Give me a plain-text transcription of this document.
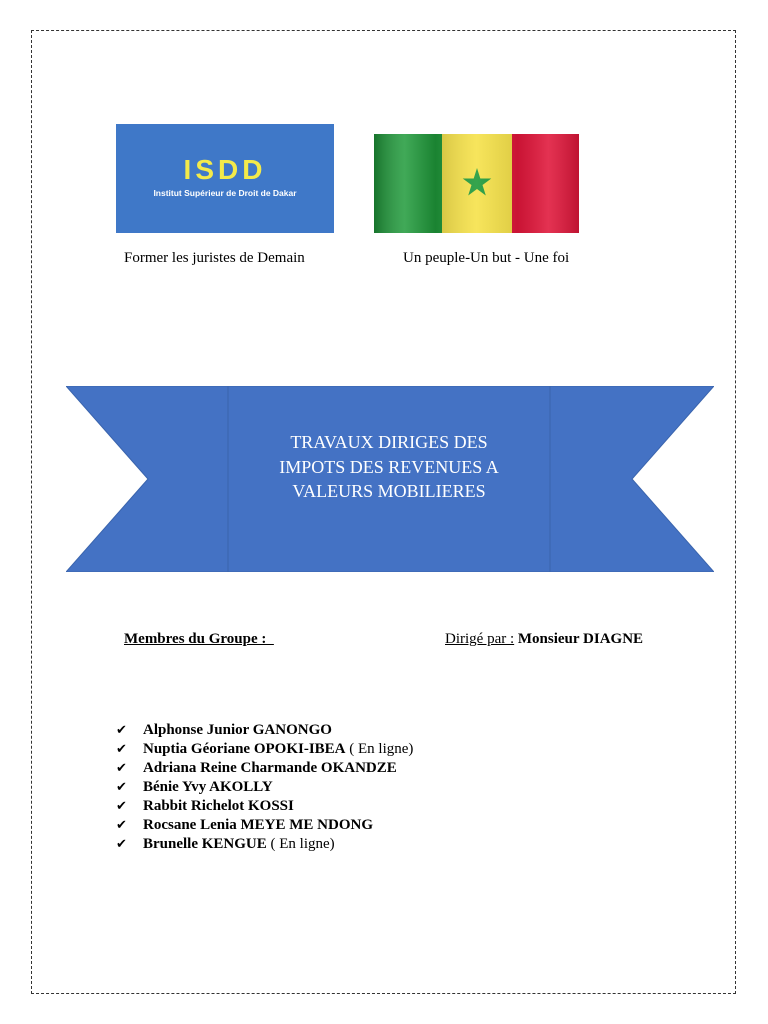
ISDD
Institut Supérieur de Droit de Dakar
Former les juristes de Demain	Un peuple-Un but - Une foi
TRAVAUX DIRIGES DES
IMPOTS DES REVENUES A
VALEURS MOBILIERES
Membres du Groupe :	Dirigé par : Monsieur DIAGNE
✔ Alphonse Junior GANONGO
✔ Nuptia Géoriane OPOKI-IBEA ( En ligne)
✔ Adriana Reine Charmande OKANDZE
✔ Bénie Yvy AKOLLY
✔ Rabbit Richelot KOSSI
✔ Rocsane Lenia MEYE ME NDONG
✔ Brunelle KENGUE ( En ligne)
